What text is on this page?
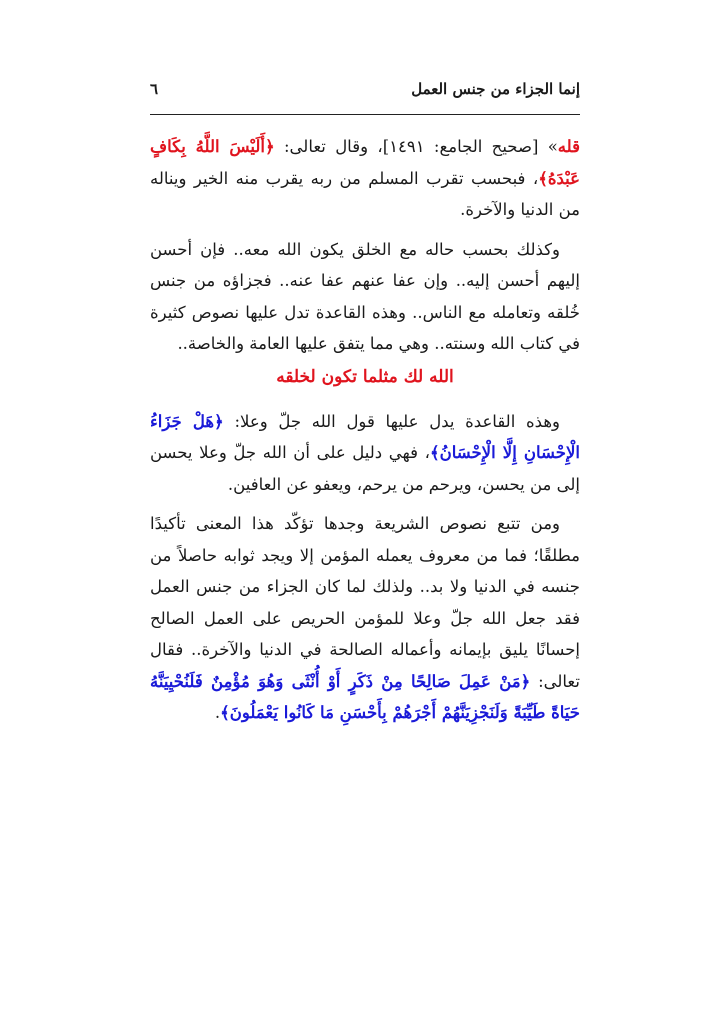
إنما الجزاء من جنس العمل
٦

قله» [صحيح الجامع: ١٤٩١]، وقال تعالى: ﴿أَلَيْسَ اللَّهُ بِكَافٍ عَبْدَهُ﴾، فبحسب تقرب المسلم من ربه يقرب منه الخير ويناله من الدنيا والآخرة.

وكذلك بحسب حاله مع الخلق يكون الله معه.. فإن أحسن إليهم أحسن إليه.. وإن عفا عنهم عفا عنه.. فجزاؤه من جنس خُلقه وتعامله مع الناس.. وهذه القاعدة تدل عليها نصوص كثيرة في كتاب الله وسنته.. وهي مما يتفق عليها العامة والخاصة..

الله لك مثلما تكون لخلقه

وهذه القاعدة يدل عليها قول الله جلّ وعلا: ﴿هَلْ جَزَاءُ الْإِحْسَانِ إِلَّا الْإِحْسَانُ﴾، فهي دليل على أن الله جلّ وعلا يحسن إلى من يحسن، ويرحم من يرحم، ويعفو عن العافين.

ومن تتبع نصوص الشريعة وجدها تؤكّد هذا المعنى تأكيدًا مطلقًا؛ فما من معروف يعمله المؤمن إلا ويجد ثوابه حاصلاً من جنسه في الدنيا ولا بد.. ولذلك لما كان الجزاء من جنس العمل فقد جعل الله جلّ وعلا للمؤمن الحريص على العمل الصالح إحسانًا يليق بإيمانه وأعماله الصالحة في الدنيا والآخرة.. فقال تعالى: ﴿مَنْ عَمِلَ صَالِحًا مِنْ ذَكَرٍ أَوْ أُنْثَى وَهُوَ مُؤْمِنٌ فَلَنُحْيِيَنَّهُ حَيَاةً طَيِّبَةً وَلَنَجْزِيَنَّهُمْ أَجْرَهُمْ بِأَحْسَنِ مَا كَانُوا يَعْمَلُونَ﴾.
